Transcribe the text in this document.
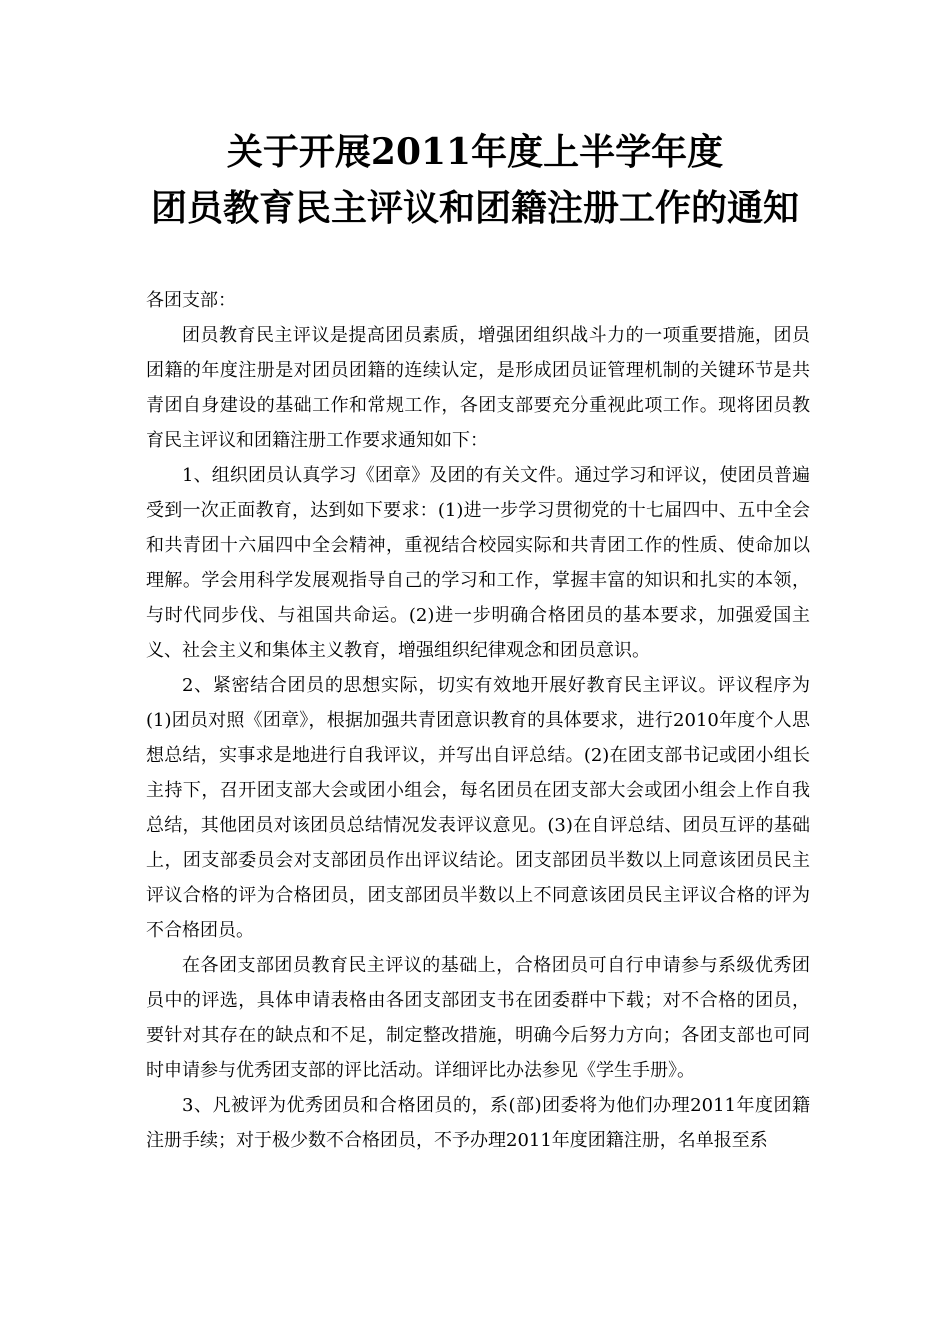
关于开展2011年度上半学年度
团员教育民主评议和团籍注册工作的通知

各团支部：

团员教育民主评议是提高团员素质，增强团组织战斗力的一项重要措施，团员团籍的年度注册是对团员团籍的连续认定，是形成团员证管理机制的关键环节是共青团自身建设的基础工作和常规工作，各团支部要充分重视此项工作。现将团员教育民主评议和团籍注册工作要求通知如下：

1、组织团员认真学习《团章》及团的有关文件。通过学习和评议，使团员普遍受到一次正面教育，达到如下要求：(1)进一步学习贯彻党的十七届四中、五中全会和共青团十六届四中全会精神，重视结合校园实际和共青团工作的性质、使命加以理解。学会用科学发展观指导自己的学习和工作，掌握丰富的知识和扎实的本领，与时代同步伐、与祖国共命运。(2)进一步明确合格团员的基本要求，加强爱国主义、社会主义和集体主义教育，增强组织纪律观念和团员意识。

2、紧密结合团员的思想实际，切实有效地开展好教育民主评议。评议程序为(1)团员对照《团章》，根据加强共青团意识教育的具体要求，进行2010年度个人思想总结，实事求是地进行自我评议，并写出自评总结。(2)在团支部书记或团小组长主持下，召开团支部大会或团小组会，每名团员在团支部大会或团小组会上作自我总结，其他团员对该团员总结情况发表评议意见。(3)在自评总结、团员互评的基础上，团支部委员会对支部团员作出评议结论。团支部团员半数以上同意该团员民主评议合格的评为合格团员，团支部团员半数以上不同意该团员民主评议合格的评为不合格团员。

在各团支部团员教育民主评议的基础上，合格团员可自行申请参与系级优秀团员中的评选，具体申请表格由各团支部团支书在团委群中下载；对不合格的团员，要针对其存在的缺点和不足，制定整改措施，明确今后努力方向；各团支部也可同时申请参与优秀团支部的评比活动。详细评比办法参见《学生手册》。

3、凡被评为优秀团员和合格团员的，系(部)团委将为他们办理2011年度团籍注册手续；对于极少数不合格团员，不予办理2011年度团籍注册，名单报至系
